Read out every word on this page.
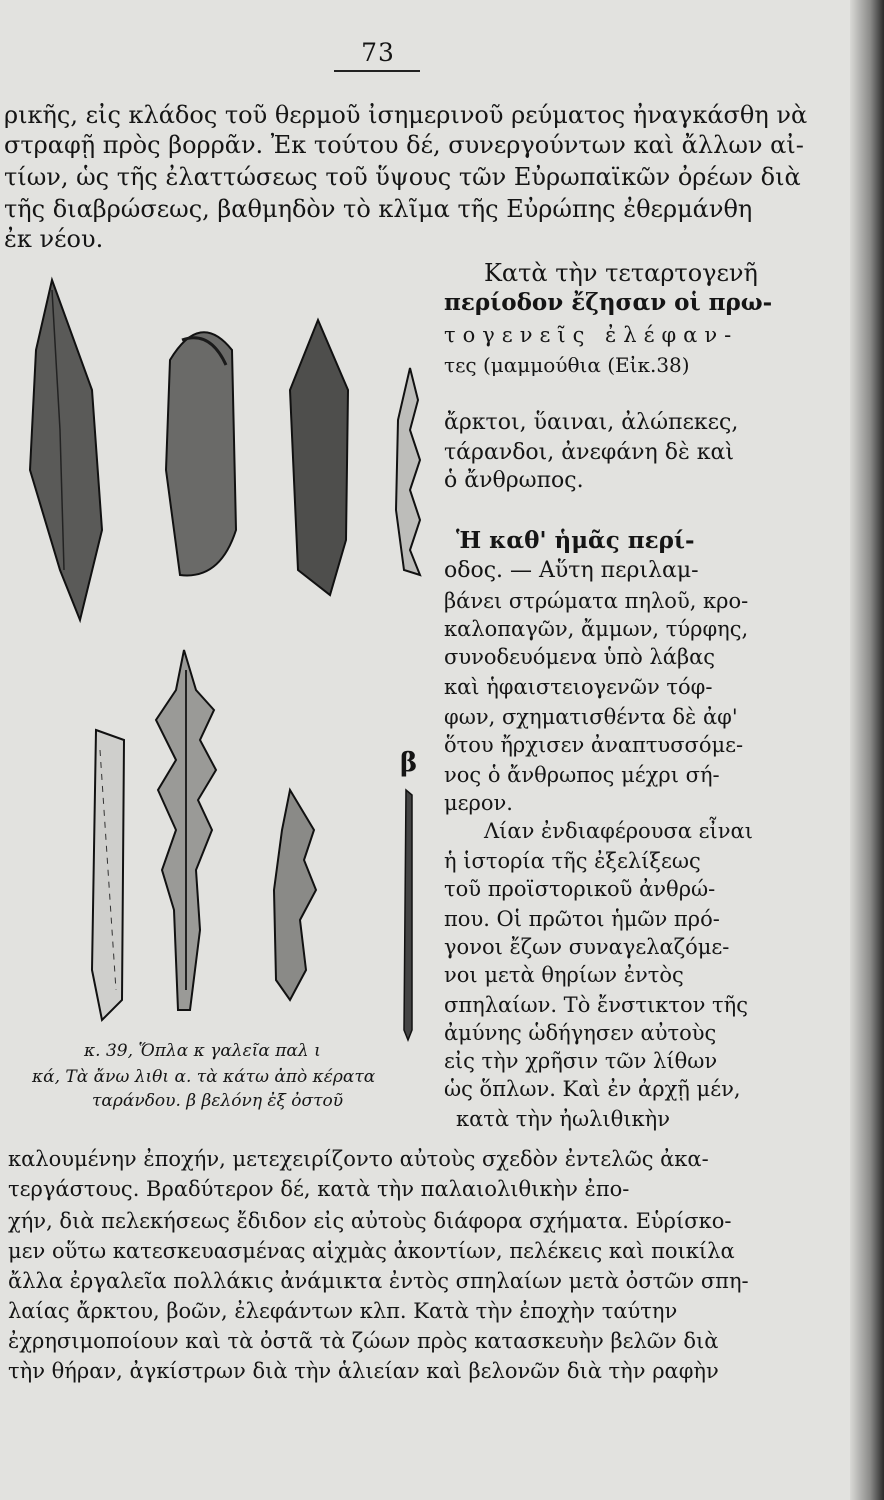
73
ρικῆς, εἰς κλάδος τοῦ θερμοῦ ἰσημερινοῦ ρεύματος ἠναγκάσθη νὰ
στραφῇ πρὸς βορρᾶν. Ἐκ τούτου δέ, συνεργούντων καὶ ἄλλων αἰ-
τίων, ὡς τῆς ἐλαττώσεως τοῦ ὕψους τῶν Εὐρωπαϊκῶν ὀρέων διὰ
τῆς διαβρώσεως, βαθμηδὸν τὸ κλῖμα τῆς Εὐρώπης ἐθερμάνθη
ἐκ νέου.
Κατὰ τὴν τεταρτογενῆ
περίοδον ἔζησαν οἱ πρω-
τογενεῖς ἐλέφαν-
τες (μαμμούθια (Εἰκ.38)
ἄρκτοι, ὕαιναι, ἀλώπεκες,
τάρανδοι, ἀνεφάνη δὲ καὶ
ὁ ἄνθρωπος.
Ἡ καθ' ἡμᾶς περί-
οδος. — Αὕτη περιλαμ-
βάνει στρώματα πηλοῦ, κρο-
καλοπαγῶν, ἄμμων, τύρφης,
συνοδευόμενα ὑπὸ λάβας
καὶ ἡφαιστειογενῶν τόφ-
φων, σχηματισθέντα δὲ ἀφ'
ὅτου ἤρχισεν ἀναπτυσσόμε-
νος ὁ ἄνθρωπος μέχρι σή-
μερον.
Λίαν ἐνδιαφέρουσα εἶναι
ἡ ἱστορία τῆς ἐξελίξεως
τοῦ προϊστορικοῦ ἀνθρώ-
που. Οἱ πρῶτοι ἡμῶν πρό-
γονοι ἔζων συναγελαζόμε-
νοι μετὰ θηρίων ἐντὸς
σπηλαίων. Τὸ ἔνστικτον τῆς
ἀμύνης ὡδήγησεν αὐτοὺς
εἰς τὴν χρῆσιν τῶν λίθων
ὡς ὅπλων. Καὶ ἐν ἀρχῇ μέν,
κατὰ τὴν ἠωλιθικὴν
β
κ. 39, Ὅπλα κ γαλεῖα παλ ι
κά, Τὰ ἄνω λιθι α. τὰ κάτω ἀπὸ κέρατα
ταράνδου. β βελόνη ἐξ ὀστοῦ
καλουμένην ἐποχήν, μετεχειρίζοντο αὐτοὺς σχεδὸν ἐντελῶς ἀκα-
τεργάστους. Βραδύτερον δέ, κατὰ τὴν παλαιολιθικὴν ἐπο-
χήν, διὰ πελεκήσεως ἔδιδον εἰς αὐτοὺς διάφορα σχήματα. Εὑρίσκο-
μεν οὕτω κατεσκευασμένας αἰχμὰς ἀκοντίων, πελέκεις καὶ ποικίλα
ἄλλα ἐργαλεῖα πολλάκις ἀνάμικτα ἐντὸς σπηλαίων μετὰ ὀστῶν σπη-
λαίας ἄρκτου, βοῶν, ἐλεφάντων κλπ. Κατὰ τὴν ἐποχὴν ταύτην
ἐχρησιμοποίουν καὶ τὰ ὀστᾶ τὰ ζώων πρὸς κατασκευὴν βελῶν διὰ
τὴν θήραν, ἀγκίστρων διὰ τὴν ἁλιείαν καὶ βελονῶν διὰ τὴν ραφὴν
